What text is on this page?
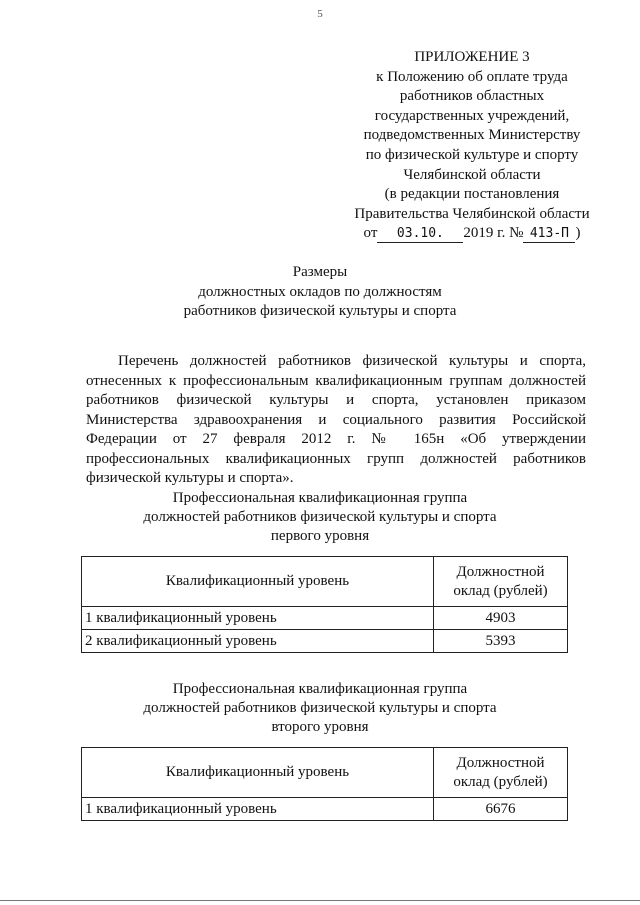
5
ПРИЛОЖЕНИЕ 3
к Положению об оплате труда
работников областных
государственных учреждений,
подведомственных Министерству
по физической культуре и спорту
Челябинской области
(в редакции постановления
Правительства Челябинской области
от 03.10. 2019 г. № 413-П )
Размеры
должностных окладов по должностям
работников физической культуры и спорта

Перечень должностей работников физической культуры и спорта, отнесенных к профессиональным квалификационным группам должностей работников физической культуры и спорта, установлен приказом Министерства здравоохранения и социального развития Российской Федерации от 27 февраля 2012 г. № 165н «Об утверждении профессиональных квалификационных групп должностей работников физической культуры и спорта».

Профессиональная квалификационная группа
должностей работников физической культуры и спорта
первого уровня
Квалификационный уровень	Должностной
оклад (рублей)

1 квалификационный уровень	4903
2 квалификационный уровень	5393
Профессиональная квалификационная группа
должностей работников физической культуры и спорта
второго уровня
Квалификационный уровень	Должностной
оклад (рублей)

1 квалификационный уровень	6676
